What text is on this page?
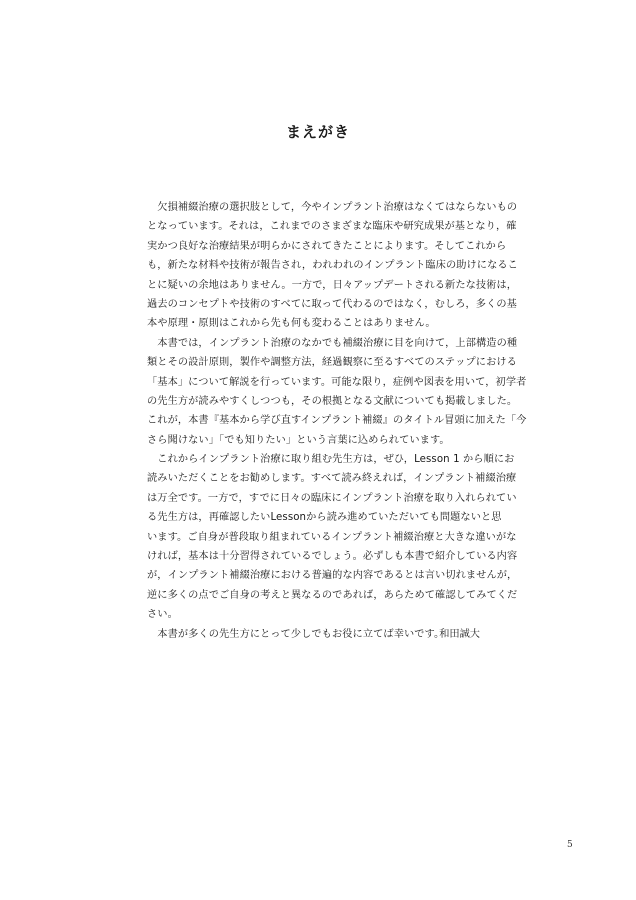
まえがき
　欠損補綴治療の選択肢として，今やインプラント治療はなくてはならないもの
となっています。それは，これまでのさまざまな臨床や研究成果が基となり，確
実かつ良好な治療結果が明らかにされてきたことによります。そしてこれから
も，新たな材料や技術が報告され，われわれのインプラント臨床の助けになるこ
とに疑いの余地はありません。一方で，日々アップデートされる新たな技術は，
過去のコンセプトや技術のすべてに取って代わるのではなく，むしろ，多くの基
本や原理・原則はこれから先も何も変わることはありません。
　本書では，インプラント治療のなかでも補綴治療に目を向けて，上部構造の種
類とその設計原則，製作や調整方法，経過観察に至るすべてのステップにおける
「基本」について解説を行っています。可能な限り，症例や図表を用いて，初学者
の先生方が読みやすくしつつも，その根拠となる文献についても掲載しました。
これが，本書『基本から学び直すインプラント補綴』のタイトル冒頭に加えた「今
さら聞けない」「でも知りたい」という言葉に込められています。
　これからインプラント治療に取り組む先生方は，ぜひ，Lesson 1 から順にお
読みいただくことをお勧めします。すべて読み終えれば，インプラント補綴治療
は万全です。一方で，すでに日々の臨床にインプラント治療を取り入れられてい
る先生方は，再確認したいLessonから読み進めていただいても問題ないと思
います。ご自身が普段取り組まれているインプラント補綴治療と大きな違いがな
ければ，基本は十分習得されているでしょう。必ずしも本書で紹介している内容
が，インプラント補綴治療における普遍的な内容であるとは言い切れませんが，
逆に多くの点でご自身の考えと異なるのであれば，あらためて確認してみてくだ
さい。
　本書が多くの先生方にとって少しでもお役に立てば幸いです。
和田誠大
5
